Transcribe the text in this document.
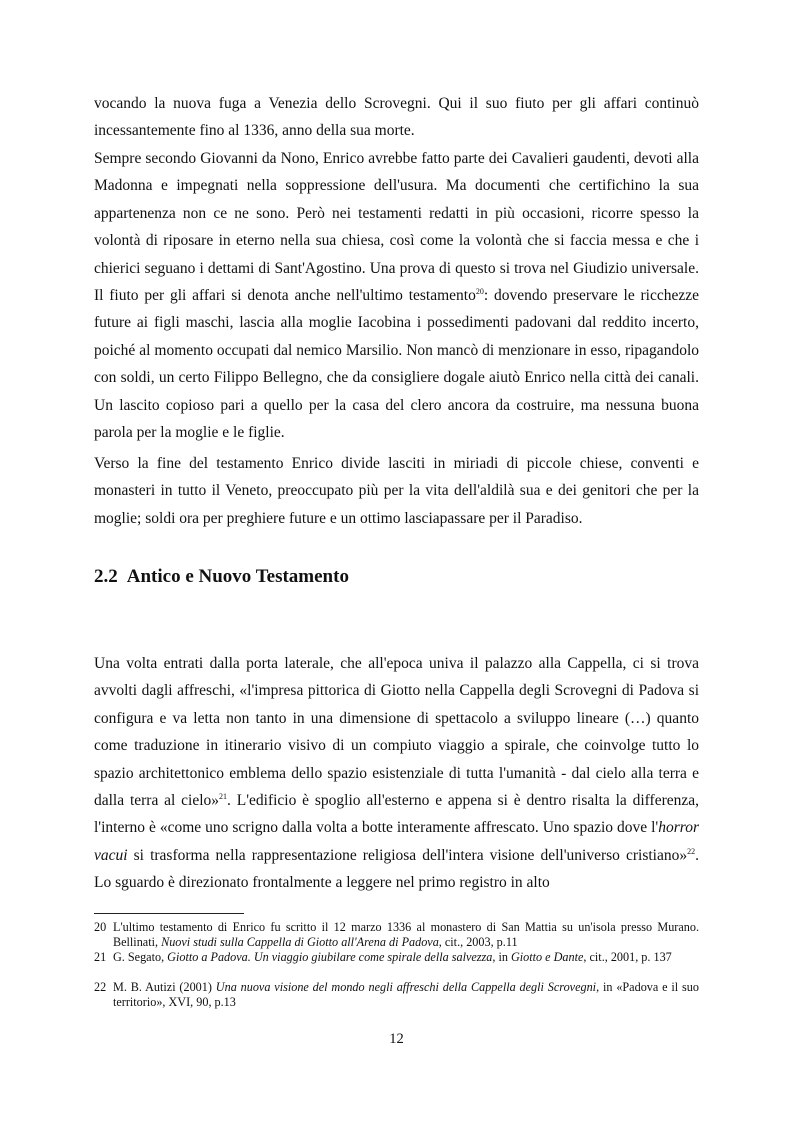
vocando la nuova fuga a Venezia dello Scrovegni. Qui il suo fiuto per gli affari continuò incessantemente fino al 1336, anno della sua morte.

Sempre secondo Giovanni da Nono, Enrico avrebbe fatto parte dei Cavalieri gaudenti, devoti alla Madonna e impegnati nella soppressione dell'usura. Ma documenti che certifichino la sua appartenenza non ce ne sono. Però nei testamenti redatti in più occasioni, ricorre spesso la volontà di riposare in eterno nella sua chiesa, così come la volontà che si faccia messa e che i chierici seguano i dettami di Sant'Agostino. Una prova di questo si trova nel Giudizio universale. Il fiuto per gli affari si denota anche nell'ultimo testamento$^{20}$: dovendo preservare le ricchezze future ai figli maschi, lascia alla moglie Iacobina i possedimenti padovani dal reddito incerto, poiché al momento occupati dal nemico Marsilio. Non mancò di menzionare in esso, ripagandolo con soldi, un certo Filippo Bellegno, che da consigliere dogale aiutò Enrico nella città dei canali. Un lascito copioso pari a quello per la casa del clero ancora da costruire, ma nessuna buona parola per la moglie e le figlie.

Verso la fine del testamento Enrico divide lasciti in miriadi di piccole chiese, conventi e monasteri in tutto il Veneto, preoccupato più per la vita dell'aldilà sua e dei genitori che per la moglie; soldi ora per preghiere future e un ottimo lasciapassare per il Paradiso.

2.2 Antico e Nuovo Testamento

Una volta entrati dalla porta laterale, che all'epoca univa il palazzo alla Cappella, ci si trova avvolti dagli affreschi, «l'impresa pittorica di Giotto nella Cappella degli Scrovegni di Padova si configura e va letta non tanto in una dimensione di spettacolo a sviluppo lineare (…) quanto come traduzione in itinerario visivo di un compiuto viaggio a spirale, che coinvolge tutto lo spazio architettonico emblema dello spazio esistenziale di tutta l'umanità - dal cielo alla terra e dalla terra al cielo»$^{21}$. L'edificio è spoglio all'esterno e appena si è dentro risalta la differenza, l'interno è «come uno scrigno dalla volta a botte interamente affrescato. Uno spazio dove l'horror vacui si trasforma nella rappresentazione religiosa dell'intera visione dell'universo cristiano»$^{22}$. Lo sguardo è direzionato frontalmente a leggere nel primo registro in alto

20 L'ultimo testamento di Enrico fu scritto il 12 marzo 1336 al monastero di San Mattia su un'isola presso Murano. Bellinati, Nuovi studi sulla Cappella di Giotto all'Arena di Padova, cit., 2003, p.11
21 G. Segato, Giotto a Padova. Un viaggio giubilare come spirale della salvezza, in Giotto e Dante, cit., 2001, p. 137
22 M. B. Autizi (2001) Una nuova visione del mondo negli affreschi della Cappella degli Scrovegni, in «Padova e il suo territorio», XVI, 90, p.13
12
